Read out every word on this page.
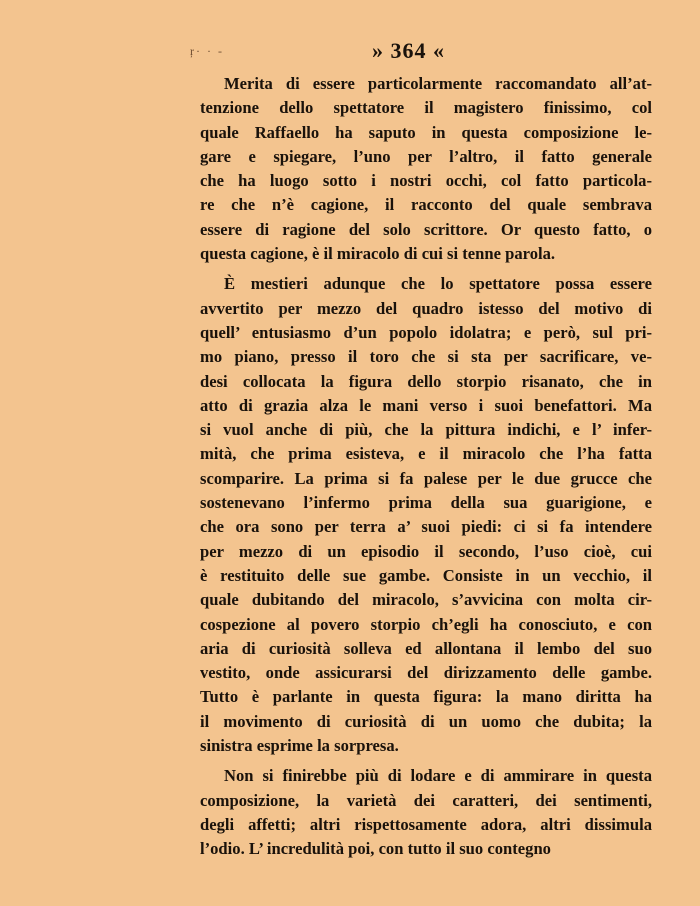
ŗ· · -	» 364 «
Merita di essere particolarmente raccomandato all’at-
tenzione dello spettatore il magistero finissimo, col
quale Raffaello ha saputo in questa composizione le-
gare e spiegare, l’uno per l’altro, il fatto generale
che ha luogo sotto i nostri occhi, col fatto particola-
re che n’è cagione, il racconto del quale sembrava
essere di ragione del solo scrittore. Or questo fatto, o
questa cagione, è il miracolo di cui si tenne parola.
È mestieri adunque che lo spettatore possa essere
avvertito per mezzo del quadro istesso del motivo di
quell’ entusiasmo d’un popolo idolatra; e però, sul pri-
mo piano, presso il toro che si sta per sacrificare, ve-
desi collocata la figura dello storpio risanato, che in
atto di grazia alza le mani verso i suoi benefattori. Ma
si vuol anche di più, che la pittura indichi, e l’ infer-
mità, che prima esisteva, e il miracolo che l’ha fatta
scomparire. La prima si fa palese per le due grucce che
sostenevano l’infermo prima della sua guarigione, e
che ora sono per terra a’ suoi piedi: ci si fa intendere
per mezzo di un episodio il secondo, l’uso cioè, cui
è restituito delle sue gambe. Consiste in un vecchio, il
quale dubitando del miracolo, s’avvicina con molta cir-
cospezione al povero storpio ch’egli ha conosciuto, e con
aria di curiosità solleva ed allontana il lembo del suo
vestito, onde assicurarsi del dirizzamento delle gambe.
Tutto è parlante in questa figura: la mano diritta ha
il movimento di curiosità di un uomo che dubita; la
sinistra esprime la sorpresa.
Non si finirebbe più di lodare e di ammirare in questa
composizione, la varietà dei caratteri, dei sentimenti,
degli affetti; altri rispettosamente adora, altri dissimula
l’odio. L’ incredulità poi, con tutto il suo contegno
